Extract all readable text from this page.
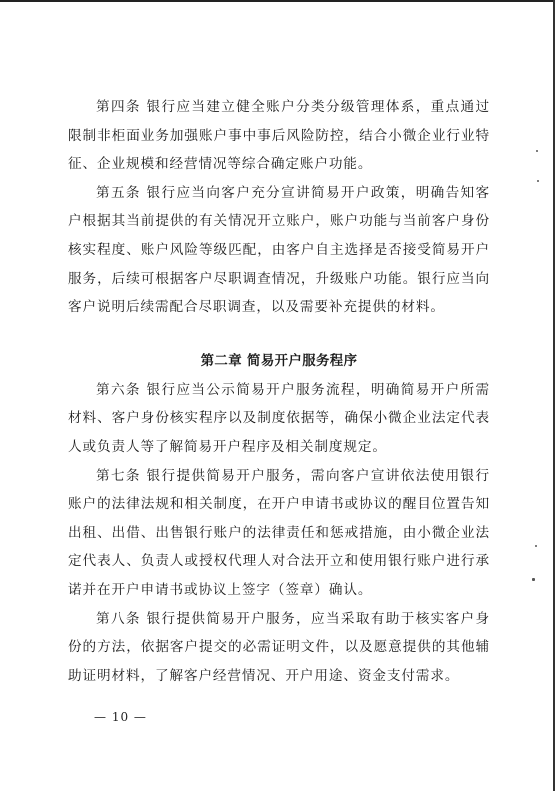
第四条 银行应当建立健全账户分类分级管理体系，重点通过限制非柜面业务加强账户事中事后风险防控，结合小微企业行业特征、企业规模和经营情况等综合确定账户功能。

第五条 银行应当向客户充分宣讲简易开户政策，明确告知客户根据其当前提供的有关情况开立账户，账户功能与当前客户身份核实程度、账户风险等级匹配，由客户自主选择是否接受简易开户服务，后续可根据客户尽职调查情况，升级账户功能。银行应当向客户说明后续需配合尽职调查，以及需要补充提供的材料。

第二章 简易开户服务程序

第六条 银行应当公示简易开户服务流程，明确简易开户所需材料、客户身份核实程序以及制度依据等，确保小微企业法定代表人或负责人等了解简易开户程序及相关制度规定。

第七条 银行提供简易开户服务，需向客户宣讲依法使用银行账户的法律法规和相关制度，在开户申请书或协议的醒目位置告知出租、出借、出售银行账户的法律责任和惩戒措施，由小微企业法定代表人、负责人或授权代理人对合法开立和使用银行账户进行承诺并在开户申请书或协议上签字（签章）确认。

第八条 银行提供简易开户服务，应当采取有助于核实客户身份的方法，依据客户提交的必需证明文件，以及愿意提供的其他辅助证明材料，了解客户经营情况、开户用途、资金支付需求。

— 10 —
